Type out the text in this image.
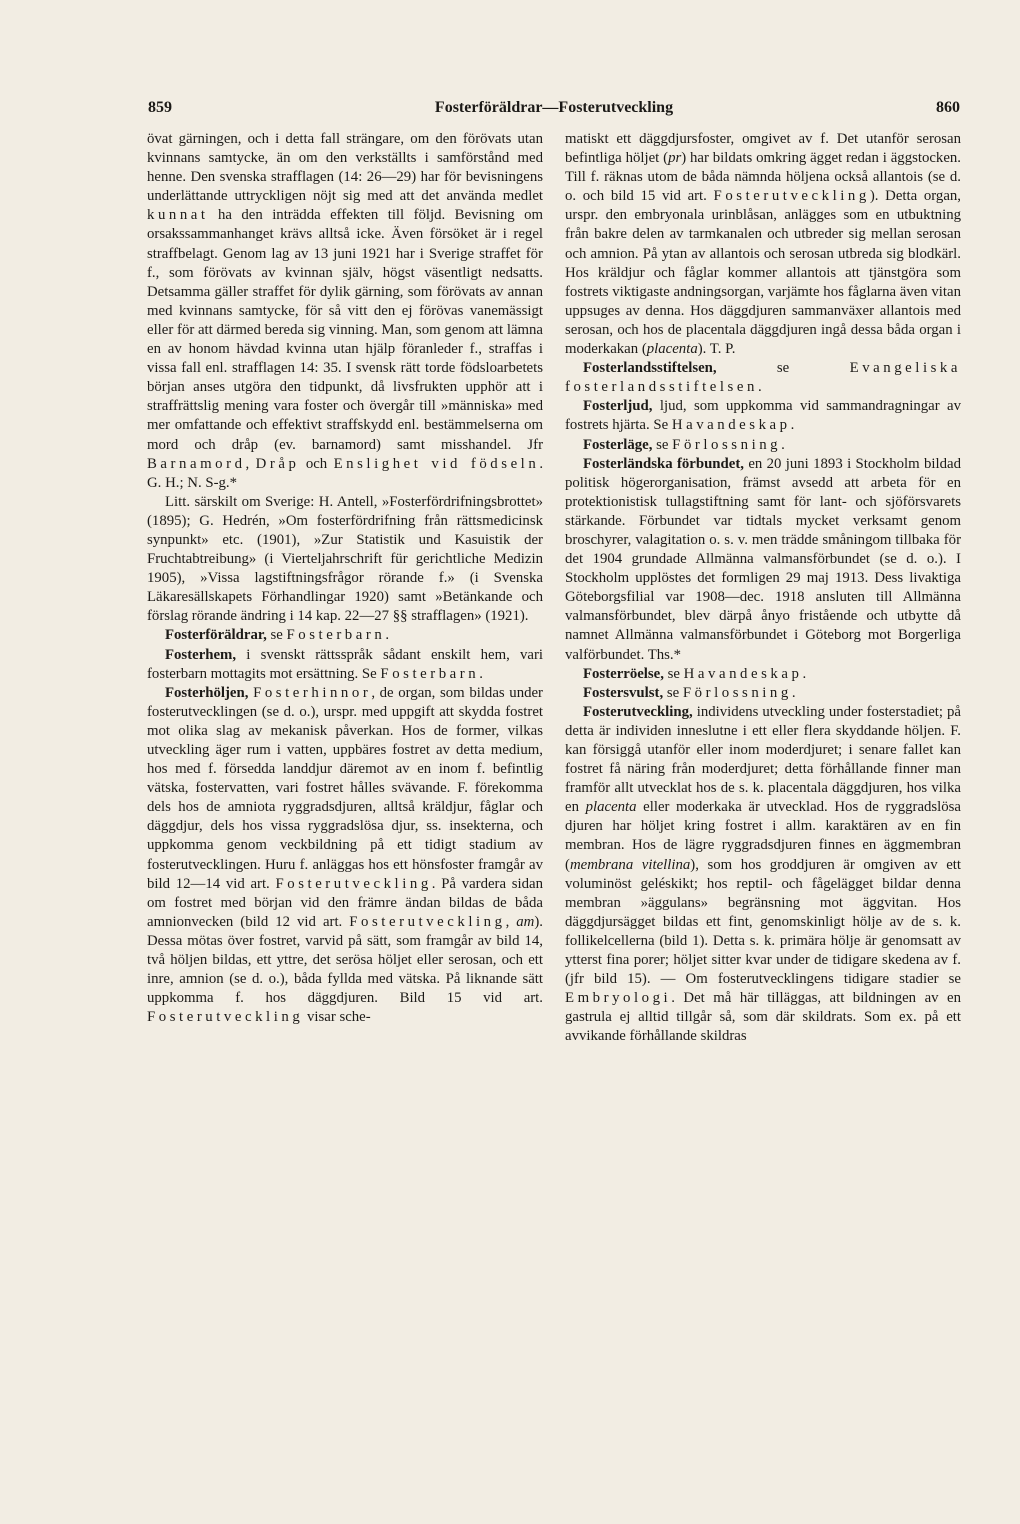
859	Fosterföräldrar—Fosterutveckling	860

övat gärningen, och i detta fall strängare, om den förövats utan kvinnans samtycke, än om den verkställts i samförstånd med henne. Den svenska strafflagen (14: 26—29) har för bevisningens underlättande uttryckligen nöjt sig med att det använda medlet kunnat ha den inträdda effekten till följd. Bevisning om orsakssammanhanget krävs alltså icke. Även försöket är i regel straffbelagt. Genom lag av 13 juni 1921 har i Sverige straffet för f., som förövats av kvinnan själv, högst väsentligt nedsatts. Detsamma gäller straffet för dylik gärning, som förövats av annan med kvinnans samtycke, för så vitt den ej förövas vanemässigt eller för att därmed bereda sig vinning. Man, som genom att lämna en av honom hävdad kvinna utan hjälp föranleder f., straffas i vissa fall enl. strafflagen 14: 35. I svensk rätt torde födsloarbetets början anses utgöra den tidpunkt, då livsfrukten upphör att i straffrättslig mening vara foster och övergår till »människa» med mer omfattande och effektivt straffskydd enl. bestämmelserna om mord och dråp (ev. barnamord) samt misshandel. Jfr Barnamord, Dråp och Enslighet vid födseln. G. H.; N. S-g.*

Litt. särskilt om Sverige: H. Antell, »Fosterfördrifningsbrottet» (1895); G. Hedrén, »Om fosterfördrifning från rättsmedicinsk synpunkt» etc. (1901), »Zur Statistik und Kasuistik der Fruchtabtreibung» (i Vierteljahrschrift für gerichtliche Medizin 1905), »Vissa lagstiftningsfrågor rörande f.» (i Svenska Läkaresällskapets Förhandlingar 1920) samt »Betänkande och förslag rörande ändring i 14 kap. 22—27 §§ strafflagen» (1921).

Fosterföräldrar, se Fosterbarn.

Fosterhem, i svenskt rättsspråk sådant enskilt hem, vari fosterbarn mottagits mot ersättning. Se Fosterbarn.

Fosterhöljen, Fosterhinnor, de organ, som bildas under fosterutvecklingen (se d. o.), urspr. med uppgift att skydda fostret mot olika slag av mekanisk påverkan. Hos de former, vilkas utveckling äger rum i vatten, uppbäres fostret av detta medium, hos med f. försedda landdjur däremot av en inom f. befintlig vätska, fostervatten, vari fostret hålles svävande. F. förekomma dels hos de amniota ryggradsdjuren, alltså kräldjur, fåglar och däggdjur, dels hos vissa ryggradslösa djur, ss. insekterna, och uppkomma genom veckbildning på ett tidigt stadium av fosterutvecklingen. Huru f. anläggas hos ett hönsfoster framgår av bild 12—14 vid art. Fosterutveckling. På vardera sidan om fostret med början vid den främre ändan bildas de båda amnionvecken (bild 12 vid art. Fosterutveckling, am). Dessa mötas över fostret, varvid på sätt, som framgår av bild 14, två höljen bildas, ett yttre, det serösa höljet eller serosan, och ett inre, amnion (se d. o.), båda fyllda med vätska. På liknande sätt uppkomma f. hos däggdjuren. Bild 15 vid art. Fosterutveckling visar sche-

matiskt ett däggdjursfoster, omgivet av f. Det utanför serosan befintliga höljet (pr) har bildats omkring ägget redan i äggstocken. Till f. räknas utom de båda nämnda höljena också allantois (se d. o. och bild 15 vid art. Fosterutveckling). Detta organ, urspr. den embryonala urinblåsan, anlägges som en utbuktning från bakre delen av tarmkanalen och utbreder sig mellan serosan och amnion. På ytan av allantois och serosan utbreda sig blodkärl. Hos kräldjur och fåglar kommer allantois att tjänstgöra som fostrets viktigaste andningsorgan, varjämte hos fåglarna även vitan uppsuges av denna. Hos däggdjuren sammanväxer allantois med serosan, och hos de placentala däggdjuren ingå dessa båda organ i moderkakan (placenta). T. P.

Fosterlandsstiftelsen, se Evangeliska fosterlandsstiftelsen.

Fosterljud, ljud, som uppkomma vid sammandragningar av fostrets hjärta. Se Havandeskap.

Fosterläge, se Förlossning.

Fosterländska förbundet, en 20 juni 1893 i Stockholm bildad politisk högerorganisation, främst avsedd att arbeta för en protektionistisk tullagstiftning samt för lant- och sjöförsvarets stärkande. Förbundet var tidtals mycket verksamt genom broschyrer, valagitation o. s. v. men trädde småningom tillbaka för det 1904 grundade Allmänna valmansförbundet (se d. o.). I Stockholm upplöstes det formligen 29 maj 1913. Dess livaktiga Göteborgsfilial var 1908—dec. 1918 ansluten till Allmänna valmansförbundet, blev därpå ånyo fristående och utbytte då namnet Allmänna valmansförbundet i Göteborg mot Borgerliga valförbundet. Ths.*

Fosterröelse, se Havandeskap.

Fostersvulst, se Förlossning.

Fosterutveckling, individens utveckling under fosterstadiet; på detta är individen inneslutne i ett eller flera skyddande höljen. F. kan försiggå utanför eller inom moderdjuret; i senare fallet kan fostret få näring från moderdjuret; detta förhållande finner man framför allt utvecklat hos de s. k. placentala däggdjuren, hos vilka en placenta eller moderkaka är utvecklad. Hos de ryggradslösa djuren har höljet kring fostret i allm. karaktären av en fin membran. Hos de lägre ryggradsdjuren finnes en äggmembran (membrana vitellina), som hos groddjuren är omgiven av ett voluminöst geléskikt; hos reptil- och fågelägget bildar denna membran »äggulans» begränsning mot äggvitan. Hos däggdjursägget bildas ett fint, genomskinligt hölje av de s. k. follikelcellerna (bild 1). Detta s. k. primära hölje är genomsatt av ytterst fina porer; höljet sitter kvar under de tidigare skedena av f. (jfr bild 15). — Om fosterutvecklingens tidigare stadier se Embryologi. Det må här tilläggas, att bildningen av en gastrula ej alltid tillgår så, som där skildrats. Som ex. på ett avvikande förhållande skildras
